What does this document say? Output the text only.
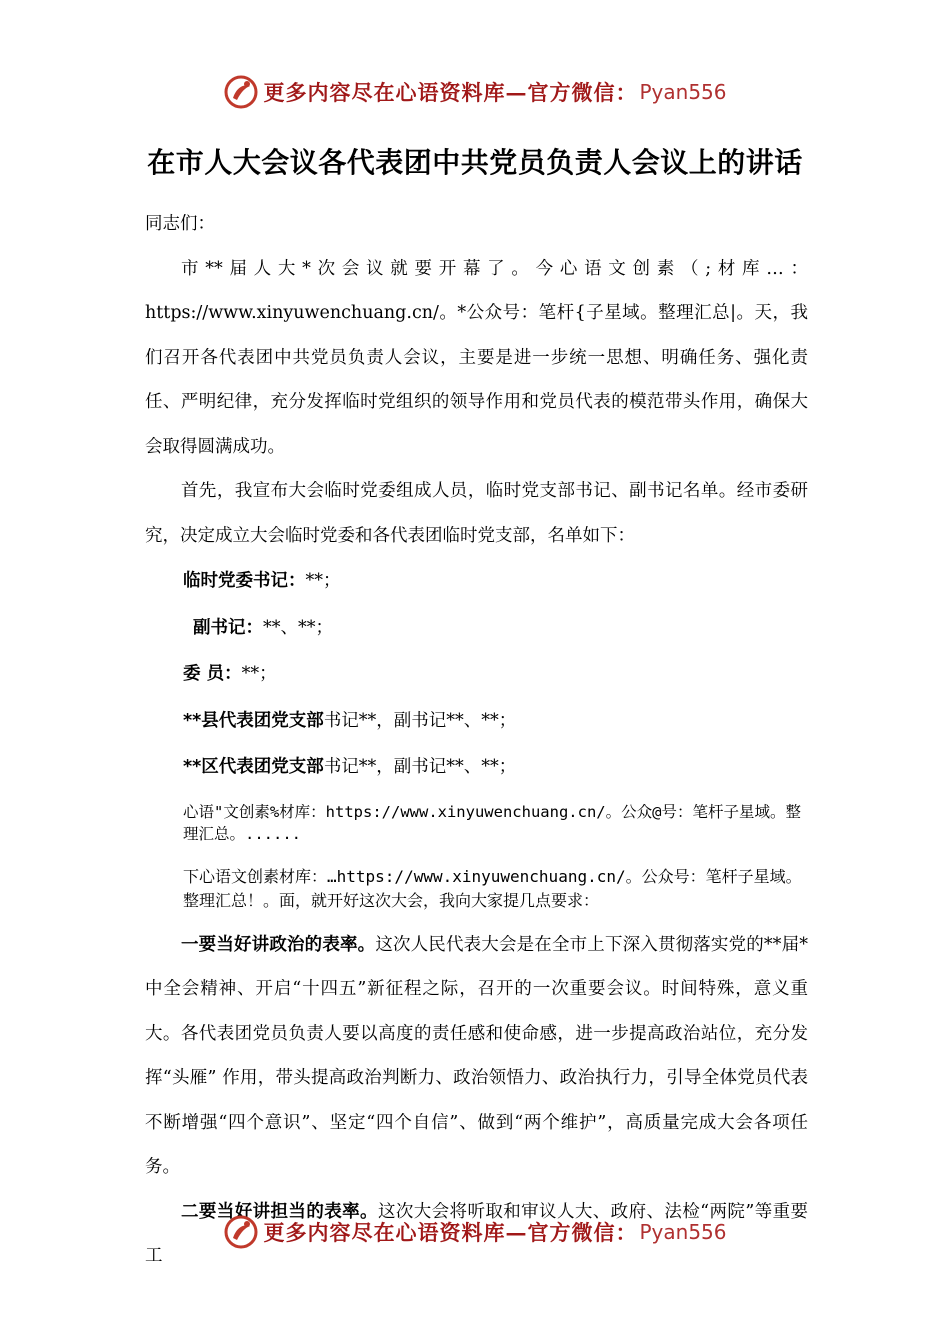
更多内容尽在心语资料库—官方微信： Pyan556
在市人大会议各代表团中共党员负责人会议上的讲话

同志们：

市**届人大*次会议就要开幕了。今心语文创素（;材库…：https://www.xinyuwenchuang.cn/。*公众号：笔杆{子星域。整理汇总|。天，我们召开各代表团中共党员负责人会议，主要是进一步统一思想、明确任务、强化责任、严明纪律，充分发挥临时党组织的领导作用和党员代表的模范带头作用，确保大会取得圆满成功。

首先，我宣布大会临时党委组成人员，临时党支部书记、副书记名单。经市委研究，决定成立大会临时党委和各代表团临时党支部，名单如下：

临时党委书记：**；

副书记：**、**；

委 员：**；

**县代表团党支部书记**，副书记**、**；

**区代表团党支部书记**，副书记**、**；

心语"文创素%材库：https://www.xinyuwenchuang.cn/。公众@号：笔杆子星域。整理汇总。......

下心语文创素材库：…https://www.xinyuwenchuang.cn/。公众号：笔杆子星域。整理汇总！。面，就开好这次大会，我向大家提几点要求：

一要当好讲政治的表率。这次人民代表大会是在全市上下深入贯彻落实党的**届*中全会精神、开启“十四五”新征程之际，召开的一次重要会议。时间特殊，意义重大。各代表团党员负责人要以高度的责任感和使命感，进一步提高政治站位，充分发挥“头雁” 作用，带头提高政治判断力、政治领悟力、政治执行力，引导全体党员代表不断增强“四个意识”、坚定“四个自信”、做到“两个维护”，高质量完成大会各项任务。

二要当好讲担当的表率。这次大会将听取和审议人大、政府、法检“两院”等重要工

更多内容尽在心语资料库—官方微信： Pyan556
